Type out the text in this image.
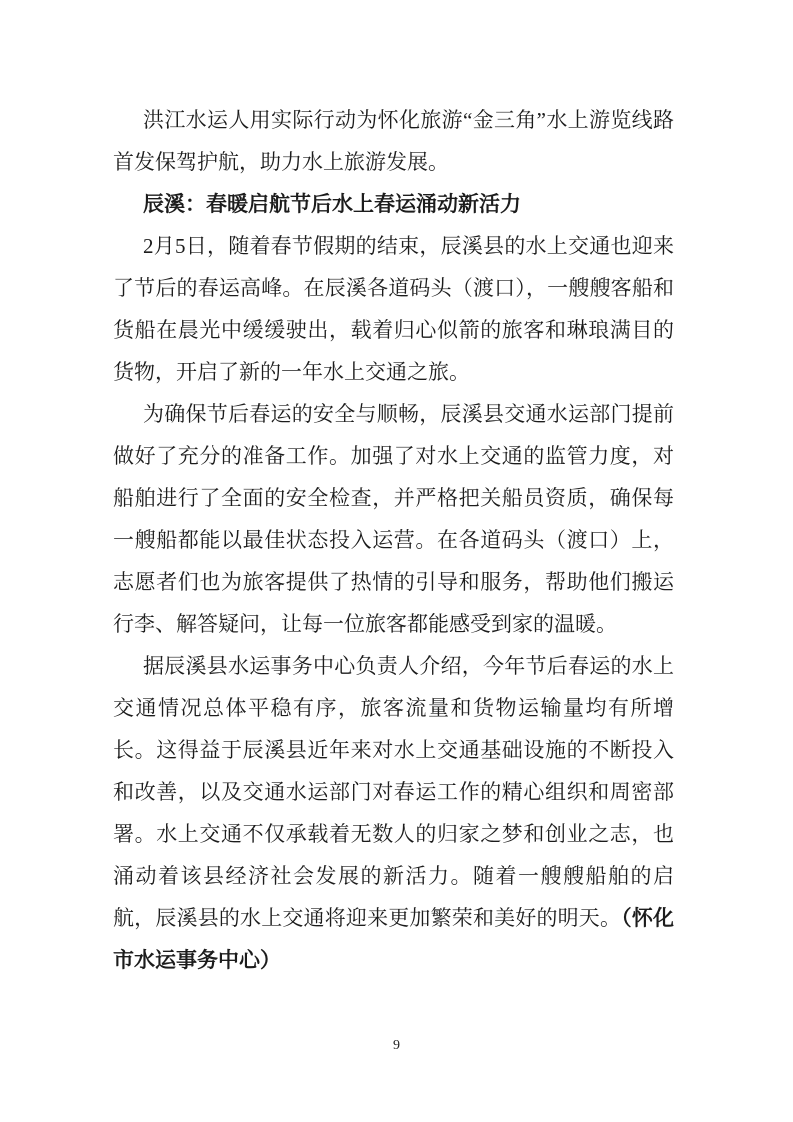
洪江水运人用实际行动为怀化旅游“金三角”水上游览线路首发保驾护航，助力水上旅游发展。

辰溪：春暖启航节后水上春运涌动新活力

2月5日，随着春节假期的结束，辰溪县的水上交通也迎来了节后的春运高峰。在辰溪各道码头（渡口），一艘艘客船和货船在晨光中缓缓驶出，载着归心似箭的旅客和琳琅满目的货物，开启了新的一年水上交通之旅。

为确保节后春运的安全与顺畅，辰溪县交通水运部门提前做好了充分的准备工作。加强了对水上交通的监管力度，对船舶进行了全面的安全检查，并严格把关船员资质，确保每一艘船都能以最佳状态投入运营。在各道码头（渡口）上，志愿者们也为旅客提供了热情的引导和服务，帮助他们搬运行李、解答疑问，让每一位旅客都能感受到家的温暖。

据辰溪县水运事务中心负责人介绍，今年节后春运的水上交通情况总体平稳有序，旅客流量和货物运输量均有所增长。这得益于辰溪县近年来对水上交通基础设施的不断投入和改善，以及交通水运部门对春运工作的精心组织和周密部署。水上交通不仅承载着无数人的归家之梦和创业之志，也涌动着该县经济社会发展的新活力。随着一艘艘船舶的启航，辰溪县的水上交通将迎来更加繁荣和美好的明天。（怀化市水运事务中心）

9
